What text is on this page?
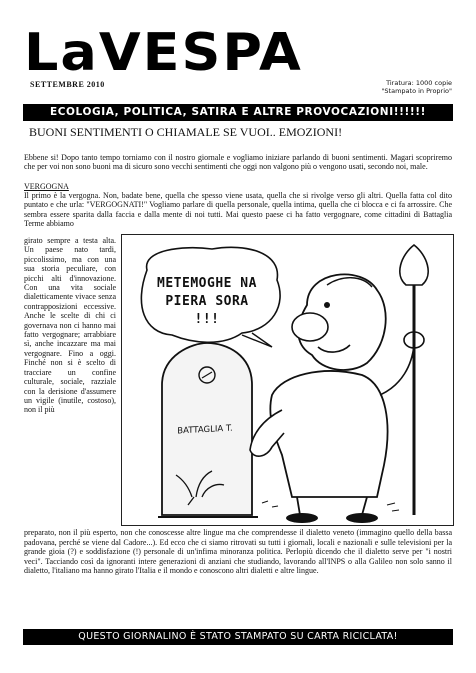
LaVESPA
SETTEMBRE 2010	Tiratura: 1000 copie
"Stampato in Proprio"
ECOLOGIA, POLITICA, SATIRA E ALTRE PROVOCAZIONI!!!!!!
BUONI SENTIMENTI O CHIAMALE SE VUOI.. EMOZIONI!

Ebbene si! Dopo tanto tempo torniamo con il nostro giornale e vogliamo iniziare parlando di buoni sentimenti. Magari scopriremo che per voi non sono buoni ma di sicuro sono vecchi sentimenti che oggi non valgono più o vengono usati, secondo noi, male.

VERGOGNA

Il primo è la vergogna. Non, badate bene, quella che spesso viene usata, quella che si rivolge verso gli altri. Quella fatta col dito puntato e che urla: "VERGOGNATI!" Vogliamo parlare di quella personale, quella intima, quella che ci blocca e ci fa arrossire. Che sembra essere sparita dalla faccia e dalla mente di noi tutti. Mai questo paese ci ha fatto vergognare, come cittadini di Battaglia Terme abbiamo

girato sempre a testa alta. Un paese nato tardi, piccolissimo, ma con una sua storia peculiare, con picchi alti d'innovazione. Con una vita sociale dialetticamente vivace senza contrapposizioni eccessive. Anche le scelte di chi ci governava non ci hanno mai fatto vergognare; arrabbiare sì, anche incazzare ma mai vergognare. Fino a oggi. Finché non si è scelto di tracciare un confine culturale, sociale, razziale con la derisione d'assumere un vigile (inutile, costoso), non il più

METEMOGHE NA PIERA SORA !!!
BATTAGLIA T.

preparato, non il più esperto, non che conoscesse altre lingue ma che comprendesse il dialetto veneto (immagino quello della bassa padovana, perché se viene dal Cadore...). Ed ecco che ci siamo ritrovati su tutti i giornali, locali e nazionali e sulle televisioni per la grande gioia (?) e soddisfazione (!) personale di un'infima minoranza politica. Perlopiù dicendo che il dialetto serve per "i nostri veci". Tacciando così da ignoranti intere generazioni di anziani che studiando, lavorando all'INPS o alla Galileo non solo sanno il dialetto, l'italiano ma hanno girato l'Italia e il mondo e conoscono altri dialetti e altre lingue.

QUESTO GIORNALINO È STATO STAMPATO SU CARTA RICICLATA!
